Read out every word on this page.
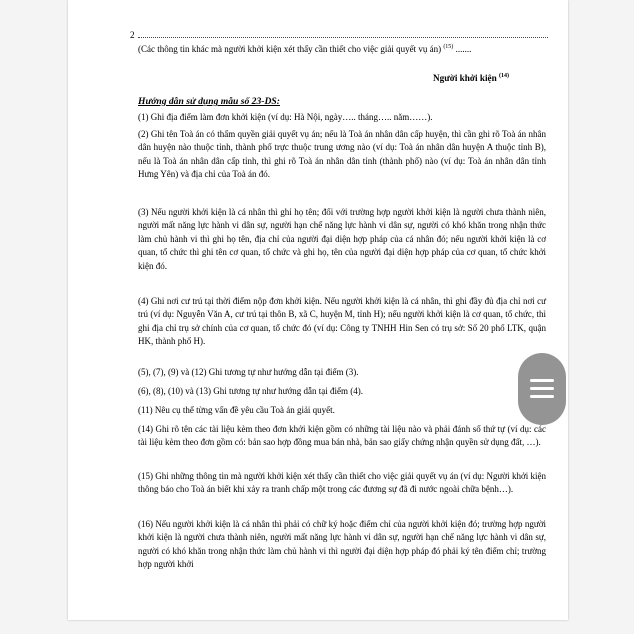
2
(Các thông tin khác mà người khởi kiện xét thấy cần thiết cho việc giải quyết vụ án) $^{(15)}$ .......
Người khởi kiện $^{(14)}$
Hướng dẫn sử dụng mẫu số 23-DS:
(1) Ghi địa điểm làm đơn khởi kiện (ví dụ: Hà Nội, ngày….. tháng….. năm……).
(2) Ghi tên Toà án có thẩm quyền giải quyết vụ án; nếu là Toà án nhân dân cấp huyện, thì cần ghi rõ Toà án nhân dân huyện nào thuộc tỉnh, thành phố trực thuộc trung ương nào (ví dụ: Toà án nhân dân huyện A thuộc tỉnh B), nếu là Toà án nhân dân cấp tỉnh, thì ghi rõ Toà án nhân dân tỉnh (thành phố) nào (ví dụ: Toà án nhân dân tỉnh Hưng Yên) và địa chỉ của Toà án đó.
(3) Nếu người khởi kiện là cá nhân thì ghi họ tên; đối với trường hợp người khởi kiện là người chưa thành niên, người mất năng lực hành vi dân sự, người hạn chế năng lực hành vi dân sự, người có khó khăn trong nhận thức làm chủ hành vi thì ghi họ tên, địa chỉ của người đại diện hợp pháp của cá nhân đó; nếu người khởi kiện là cơ quan, tổ chức thì ghi tên cơ quan, tổ chức và ghi họ, tên của người đại diện hợp pháp của cơ quan, tổ chức khởi kiện đó.
(4) Ghi nơi cư trú tại thời điểm nộp đơn khởi kiện. Nếu người khởi kiện là cá nhân, thì ghi đầy đủ địa chỉ nơi cư trú (ví dụ: Nguyễn Văn A, cư trú tại thôn B, xã C, huyện M, tỉnh H); nếu người khởi kiện là cơ quan, tổ chức, thì ghi địa chỉ trụ sở chính của cơ quan, tổ chức đó (ví dụ: Công ty TNHH Hin Sen có trụ sở: Số 20 phố LTK, quận HK, thành phố H).
(5), (7), (9) và (12) Ghi tương tự như hướng dẫn tại điểm (3).
(6), (8), (10) và (13) Ghi tương tự như hướng dẫn tại điểm (4).
(11) Nêu cụ thể từng vấn đề yêu cầu Toà án giải quyết.
(14) Ghi rõ tên các tài liệu kèm theo đơn khởi kiện gồm có những tài liệu nào và phải đánh số thứ tự (ví dụ: các tài liệu kèm theo đơn gồm có: bản sao hợp đồng mua bán nhà, bản sao giấy chứng nhận quyền sử dụng đất, …).
(15) Ghi những thông tin mà người khởi kiện xét thấy cần thiết cho việc giải quyết vụ án (ví dụ: Người khởi kiện thông báo cho Toà án biết khi xảy ra tranh chấp một trong các đương sự đã đi nước ngoài chữa bệnh…).
(16) Nếu người khởi kiện là cá nhân thì phải có chữ ký hoặc điểm chỉ của người khởi kiện đó; trường hợp người khởi kiện là người chưa thành niên, người mất năng lực hành vi dân sự, người hạn chế năng lực hành vi dân sự, người có khó khăn trong nhận thức làm chủ hành vi thì người đại diện hợp pháp đó phải ký tên điểm chỉ; trường hợp người khởi
